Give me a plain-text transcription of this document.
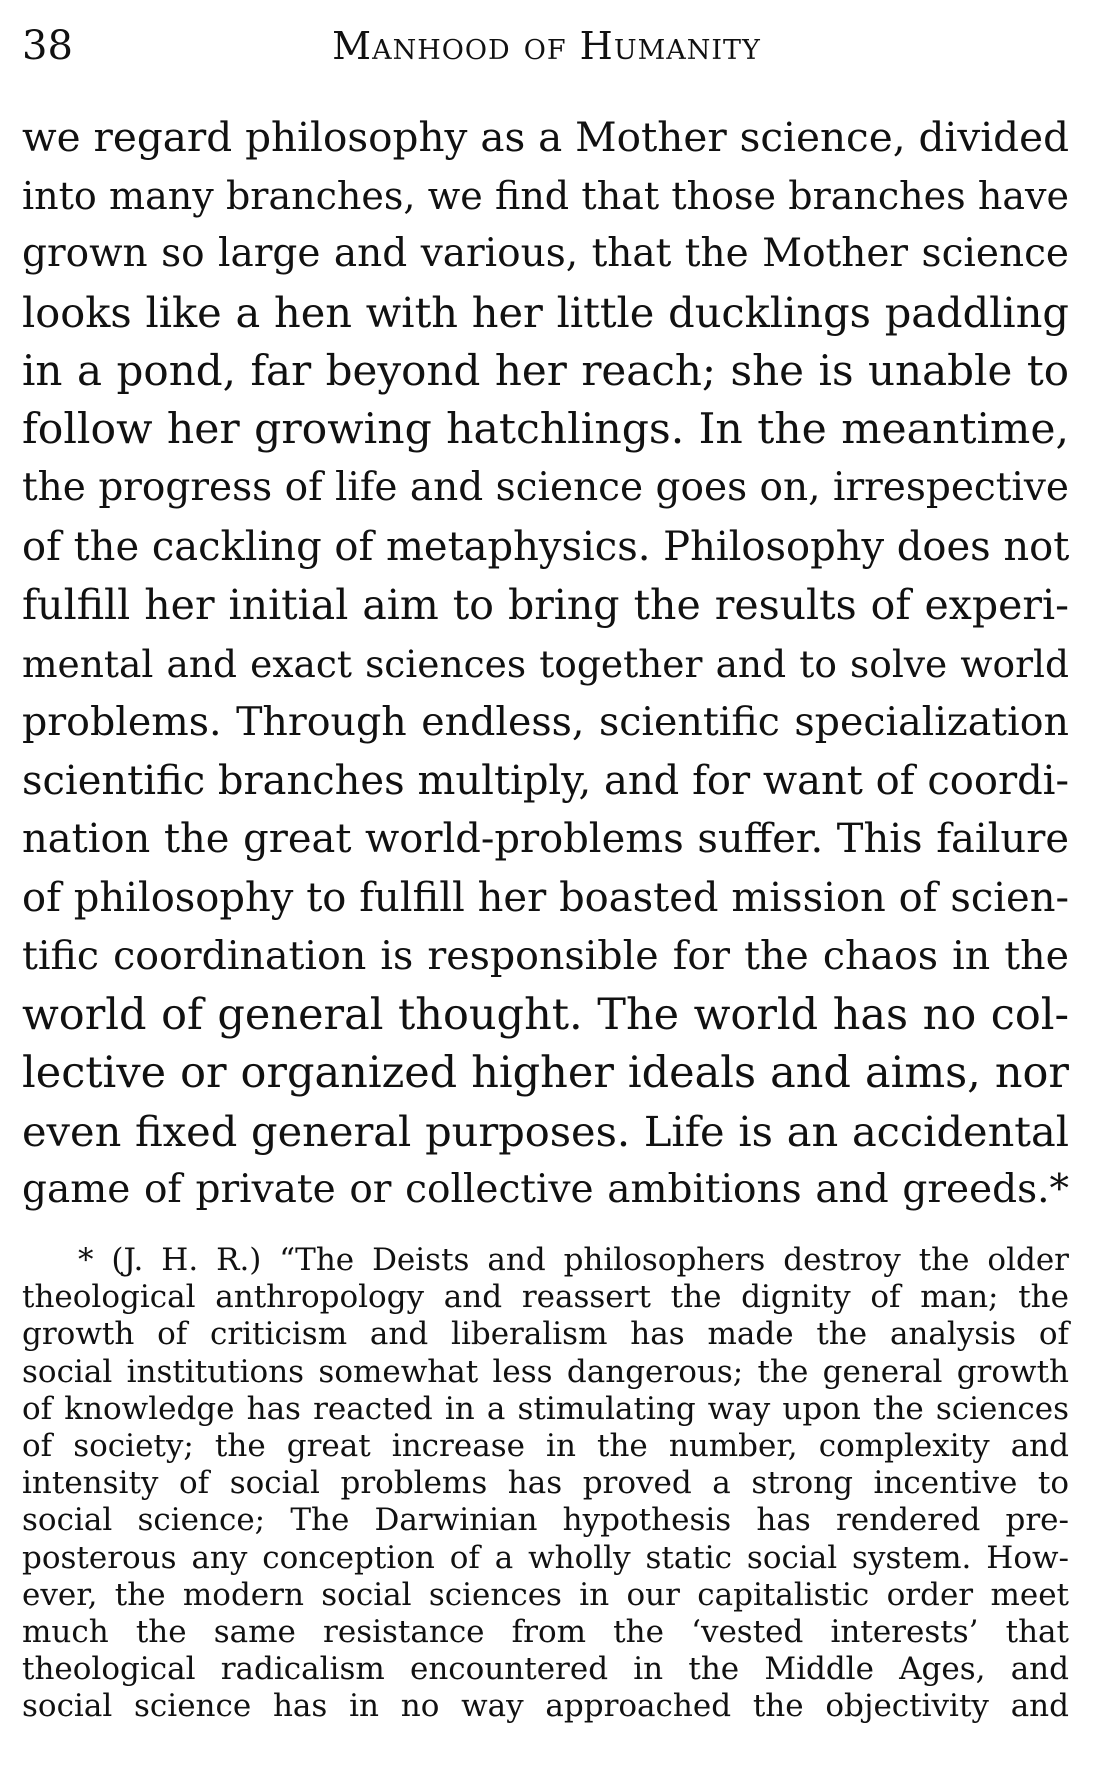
38	Manhood of Humanity
we regard philosophy as a Mother science, divided
into many branches, we find that those branches have
grown so large and various, that the Mother science
looks like a hen with her little ducklings paddling
in a pond, far beyond her reach; she is unable to
follow her growing hatchlings. In the meantime,
the progress of life and science goes on, irrespective
of the cackling of metaphysics. Philosophy does not
fulfill her initial aim to bring the results of experi-
mental and exact sciences together and to solve world
problems. Through endless, scientific specialization
scientific branches multiply, and for want of coordi-
nation the great world-problems suffer. This failure
of philosophy to fulfill her boasted mission of scien-
tific coordination is responsible for the chaos in the
world of general thought. The world has no col-
lective or organized higher ideals and aims, nor
even fixed general purposes. Life is an accidental
game of private or collective ambitions and greeds.*
* (J. H. R.) “The Deists and philosophers destroy the older
theological anthropology and reassert the dignity of man; the
growth of criticism and liberalism has made the analysis of
social institutions somewhat less dangerous; the general growth
of knowledge has reacted in a stimulating way upon the sciences
of society; the great increase in the number, complexity and
intensity of social problems has proved a strong incentive to
social science; The Darwinian hypothesis has rendered pre-
posterous any conception of a wholly static social system. How-
ever, the modern social sciences in our capitalistic order meet
much the same resistance from the ‘vested interests’ that
theological radicalism encountered in the Middle Ages, and
social science has in no way approached the objectivity and
